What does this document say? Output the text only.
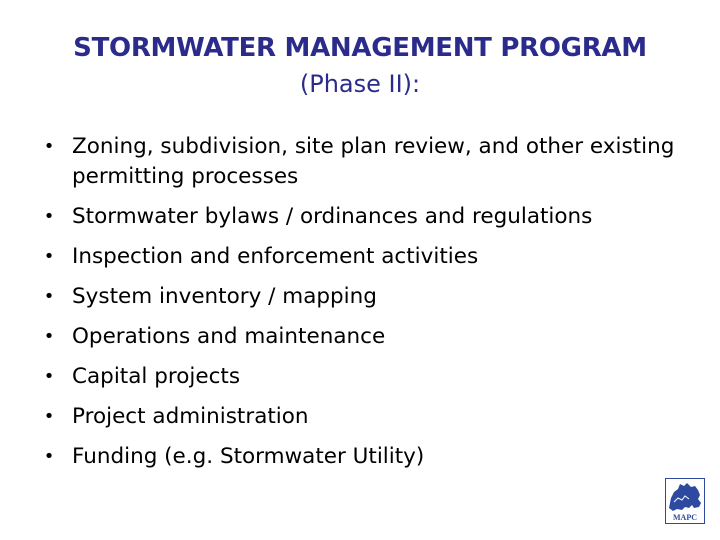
STORMWATER MANAGEMENT PROGRAM
(Phase II):
• Zoning, subdivision, site plan review, and other existing permitting processes
• Stormwater bylaws / ordinances and regulations
• Inspection and enforcement activities
• System inventory / mapping
• Operations and maintenance
• Capital projects
• Project administration
• Funding (e.g. Stormwater Utility)
MAPC
